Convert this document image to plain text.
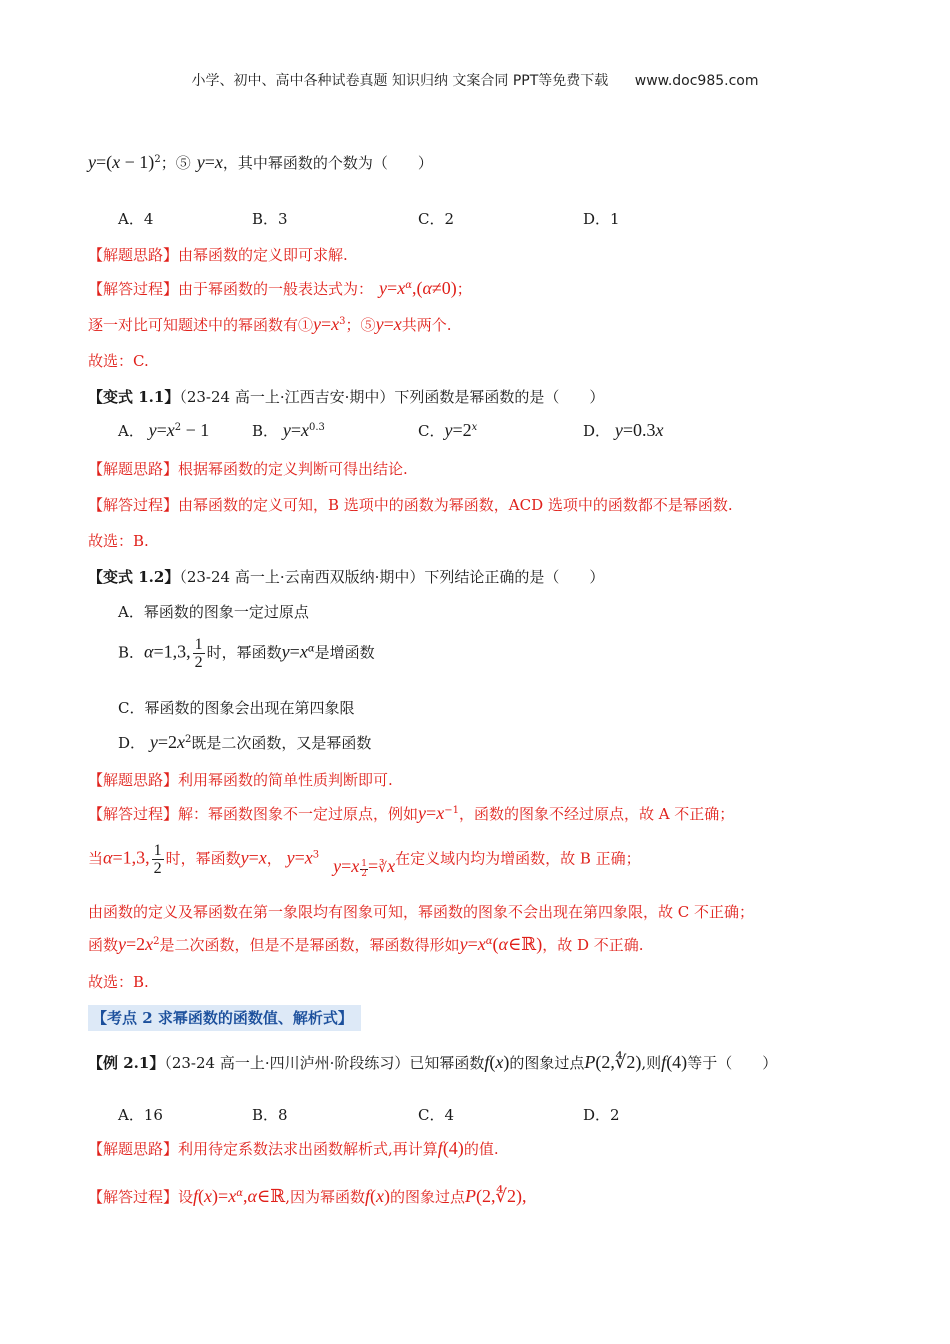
小学、初中、高中各种试卷真题 知识归纳 文案合同 PPT等免费下载 www.doc985.com
$y=(x - 1)^2$；⑤ y=x，其中幂函数的个数为（　　）
A．4	B．3	C．2	D．1
【解题思路】由幂函数的定义即可求解.
【解答过程】由于幂函数的一般表达式为： $y=x^\alpha,(\alpha\ne 0)$；
逐一对比可知题述中的幂函数有$①y=x^3$；⑤y=x共两个.
故选：C.
【变式 1.1】（23-24 高一上·江西吉安·期中）下列函数是幂函数的是（　　）
A． $y=x^2 - 1$	B． $y=x^{0.3}$	C．$y=2^x$	D． y=0.3x
【解题思路】根据幂函数的定义判断可得出结论.
【解答过程】由幂函数的定义可知，B 选项中的函数为幂函数，ACD 选项中的函数都不是幂函数.
故选：B.
【变式 1.2】（23-24 高一上·云南西双版纳·期中）下列结论正确的是（　　）
A．幂函数的图象一定过原点
B．α=1,3, $\frac{1}{2}$ 时，幂函数$y=x^\alpha$是增函数
C．幂函数的图象会出现在第四象限
D． $y=2x^2$既是二次函数，又是幂函数
【解题思路】利用幂函数的简单性质判断即可.
【解答过程】解：幂函数图象不一定过原点，例如$y=x^{-1}$，函数的图象不经过原点，故 A 不正确；
当α=1,3, $\frac{1}{2}$ 时，幂函数y=x， $y=x^3y=x \frac{1}{2}$ =∛x在定义域内均为增函数，故 B 正确；
由函数的定义及幂函数在第一象限均有图象可知，幂函数的图象不会出现在第四象限，故 C 不正确；
函数$y=2x^2$是二次函数，但是不是幂函数，幂函数得形如$y=x^\alpha(\alpha\in ℝ)$，故 D 不正确.
故选：B.
【考点 2 求幂函数的函数值、解析式】
【例 2.1】（23-24 高一上·四川泸州·阶段练习）已知幂函数f(x)的图象过点P(2,∜2),则f(4)等于（　　）
A．16	B．8	C．4	D．2
【解题思路】利用待定系数法求出函数解析式,再计算f(4)的值.
【解答过程】设$f(x)=x^\alpha,\alpha\in ℝ$,因为幂函数f(x)的图象过点P(2,∜2),
